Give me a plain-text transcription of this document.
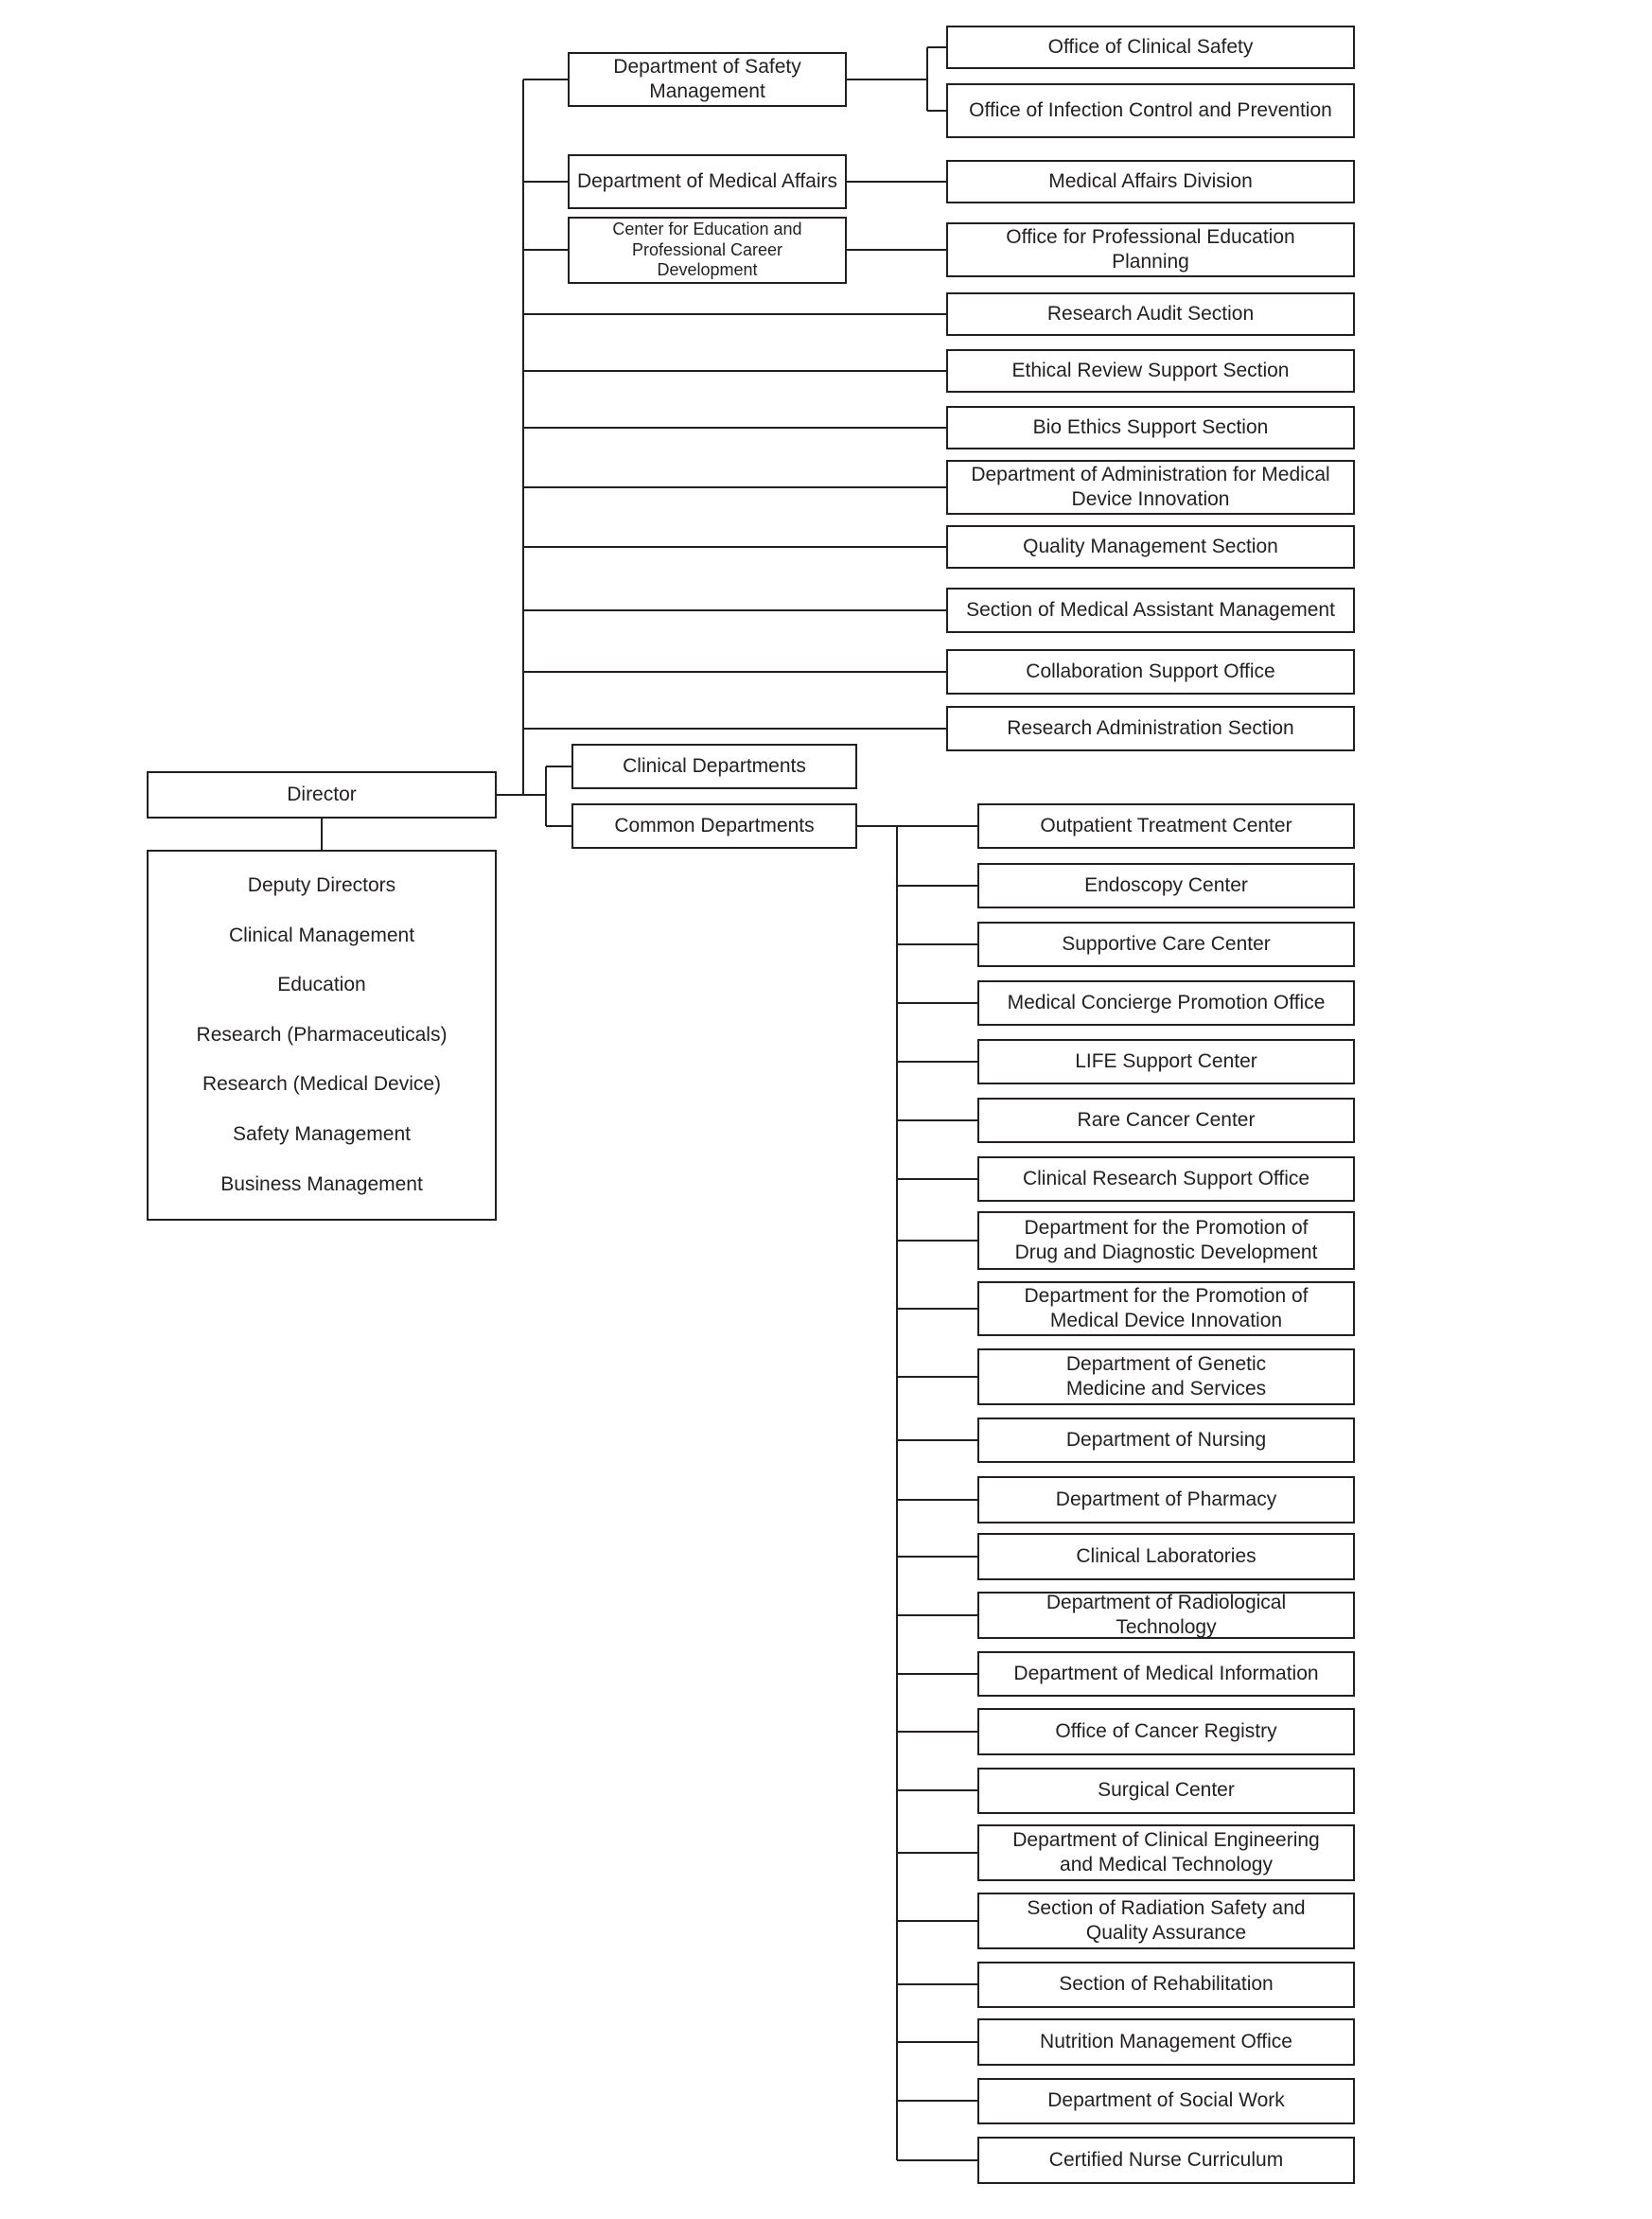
Director
Deputy Directors
Clinical Management
Education
Research (Pharmaceuticals)
Research (Medical Device)
Safety Management
Business Management
Department of Safety Management
Department of Medical Affairs
Center for Education and Professional Career Development
Clinical Departments
Common Departments
Office of Clinical Safety
Office of Infection Control and Prevention
Medical Affairs Division
Office for Professional Education Planning
Research Audit Section
Ethical Review Support Section
Bio Ethics Support Section
Department of Administration for Medical Device Innovation
Quality Management Section
Section of Medical Assistant Management
Collaboration Support Office
Research Administration Section
Outpatient Treatment Center
Endoscopy Center
Supportive Care Center
Medical Concierge Promotion Office
LIFE Support Center
Rare Cancer Center
Clinical Research Support Office
Department for the Promotion of Drug and Diagnostic Development
Department for the Promotion of Medical Device Innovation
Department of Genetic Medicine and Services
Department of Nursing
Department of Pharmacy
Clinical Laboratories
Department of Radiological Technology
Department of Medical Information
Office of Cancer Registry
Surgical Center
Department of Clinical Engineering and Medical Technology
Section of Radiation Safety and Quality Assurance
Section of Rehabilitation
Nutrition Management Office
Department of Social Work
Certified Nurse Curriculum
